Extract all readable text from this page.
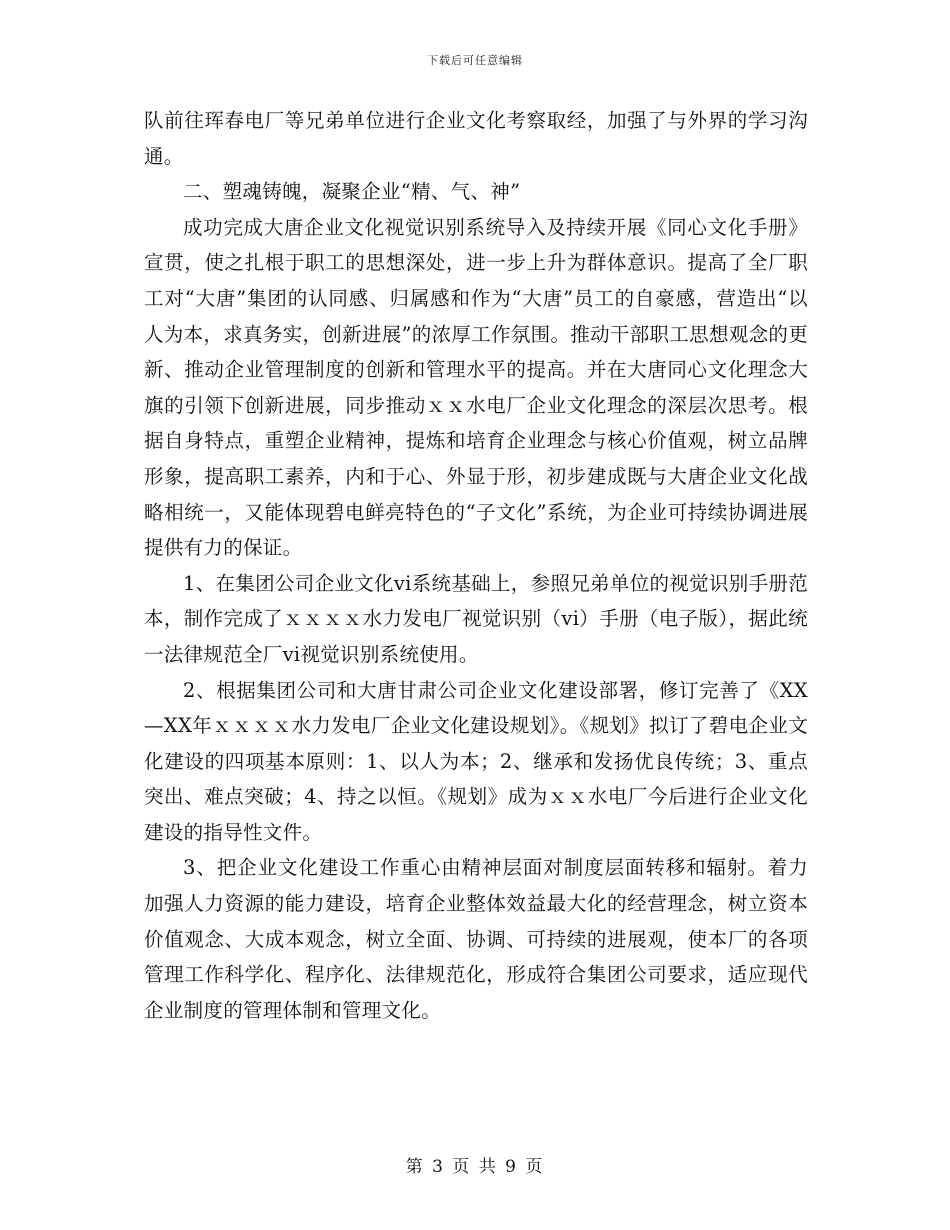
下载后可任意编辑

队前往珲春电厂等兄弟单位进行企业文化考察取经，加强了与外界的学习沟通。

二、塑魂铸魄，凝聚企业“精、气、神”

成功完成大唐企业文化视觉识别系统导入及持续开展《同心文化手册》宣贯，使之扎根于职工的思想深处，进一步上升为群体意识。提高了全厂职工对“大唐”集团的认同感、归属感和作为“大唐”员工的自豪感，营造出“以人为本，求真务实，创新进展”的浓厚工作氛围。推动干部职工思想观念的更新、推动企业管理制度的创新和管理水平的提高。并在大唐同心文化理念大旗的引领下创新进展，同步推动ｘｘ水电厂企业文化理念的深层次思考。根据自身特点，重塑企业精神，提炼和培育企业理念与核心价值观，树立品牌形象，提高职工素养，内和于心、外显于形，初步建成既与大唐企业文化战略相统一，又能体现碧电鲜亮特色的“子文化”系统，为企业可持续协调进展提供有力的保证。

1、在集团公司企业文化vi系统基础上，参照兄弟单位的视觉识别手册范本，制作完成了ｘｘｘｘ水力发电厂视觉识别（vi）手册（电子版），据此统一法律规范全厂vi视觉识别系统使用。

2、根据集团公司和大唐甘肃公司企业文化建设部署，修订完善了《XX—XX年ｘｘｘｘ水力发电厂企业文化建设规划》。《规划》拟订了碧电企业文化建设的四项基本原则：1、以人为本；2、继承和发扬优良传统；3、重点突出、难点突破；4、持之以恒。《规划》成为ｘｘ水电厂今后进行企业文化建设的指导性文件。

3、把企业文化建设工作重心由精神层面对制度层面转移和辐射。着力加强人力资源的能力建设，培育企业整体效益最大化的经营理念，树立资本价值观念、大成本观念，树立全面、协调、可持续的进展观，使本厂的各项管理工作科学化、程序化、法律规范化，形成符合集团公司要求，适应现代企业制度的管理体制和管理文化。

第 3 页 共 9 页
